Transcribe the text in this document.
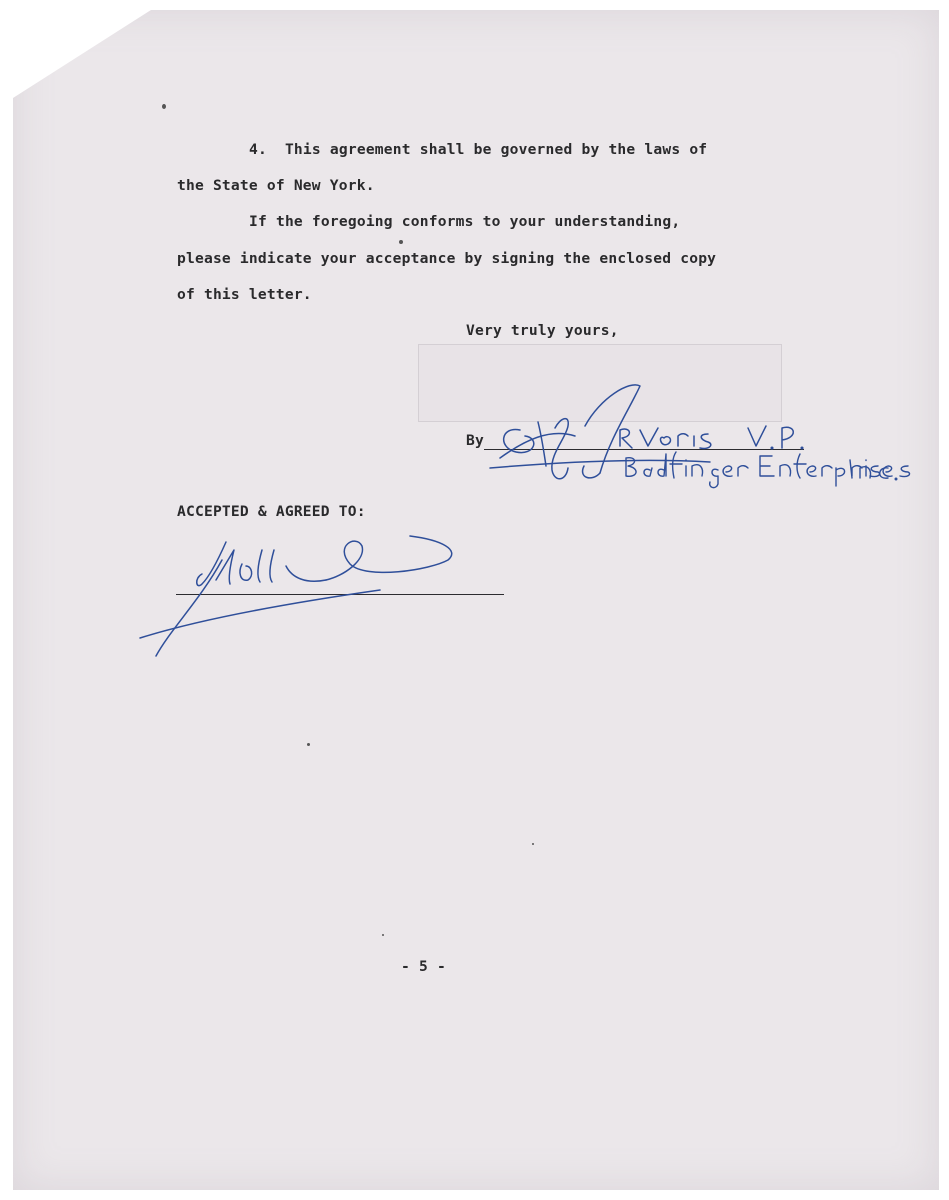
4.  This agreement shall be governed by the laws of
the State of New York.
If the foregoing conforms to your understanding,
please indicate your acceptance by signing the enclosed copy
of this letter.
Very truly yours,
By
ACCEPTED & AGREED TO:
- 5 -
